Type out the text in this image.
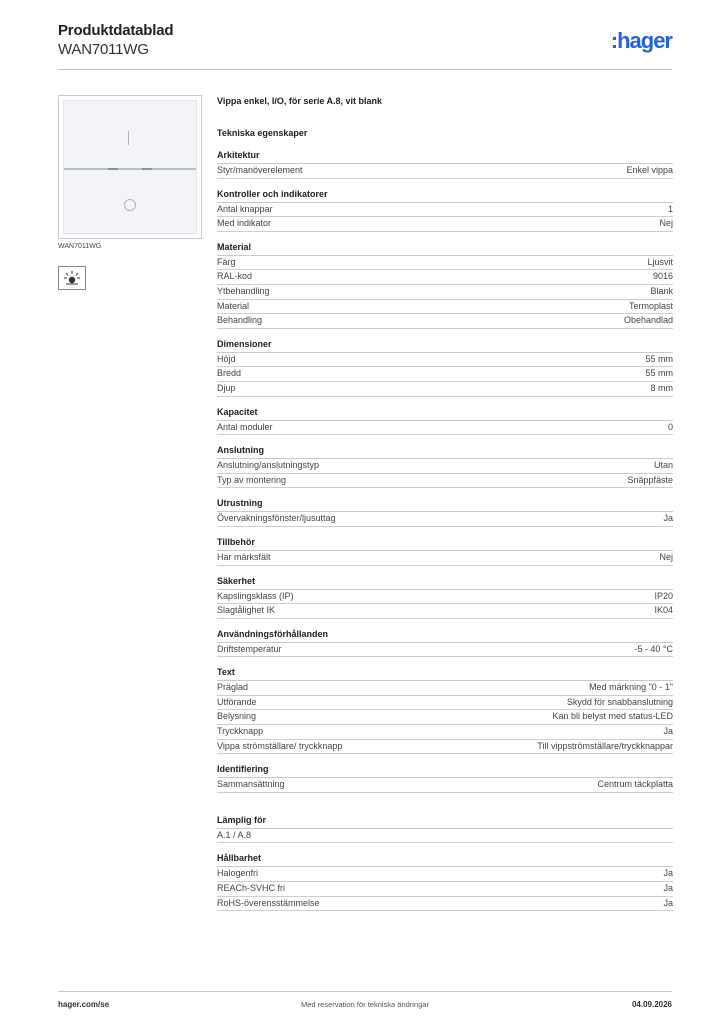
Produktdatablad
WAN7011WG	:hager
WAN7011WG
Vippa enkel, I/O, för serie A.8, vit blank
Tekniska egenskaper
Arkitektur
Styr/manöverelement	Enkel vippa
Kontroller och indikatorer
Antal knappar	1
Med indikator	Nej
Material
Färg	Ljusvit
RAL-kod	9016
Ytbehandling	Blank
Material	Termoplast
Behandling	Obehandlad
Dimensioner
Höjd	55 mm
Bredd	55 mm
Djup	8 mm
Kapacitet
Antal moduler	0
Anslutning
Anslutning/anslutningstyp	Utan
Typ av montering	Snäppfäste
Utrustning
Övervakningsfönster/ljusuttag	Ja
Tillbehör
Har märksfält	Nej
Säkerhet
Kapslingsklass (IP)	IP20
Slagtålighet IK	IK04
Användningsförhållanden
Driftstemperatur	-5 - 40 °C
Text
Präglad	Med märkning "0 - 1"
Utförande	Skydd för snabbanslutning
Belysning	Kan bli belyst med status-LED
Tryckknapp	Ja
Vippa strömställare/ tryckknapp	Till vippströmställare/tryckknappar
Identifiering
Sammansättning	Centrum täckplatta
Lämplig för
A.1 / A.8
Hållbarhet
Halogenfri	Ja
REACh-SVHC fri	Ja
RoHS-överensstämmelse	Ja
hager.com/se	Med reservation för tekniska ändringar	04.09.2026
